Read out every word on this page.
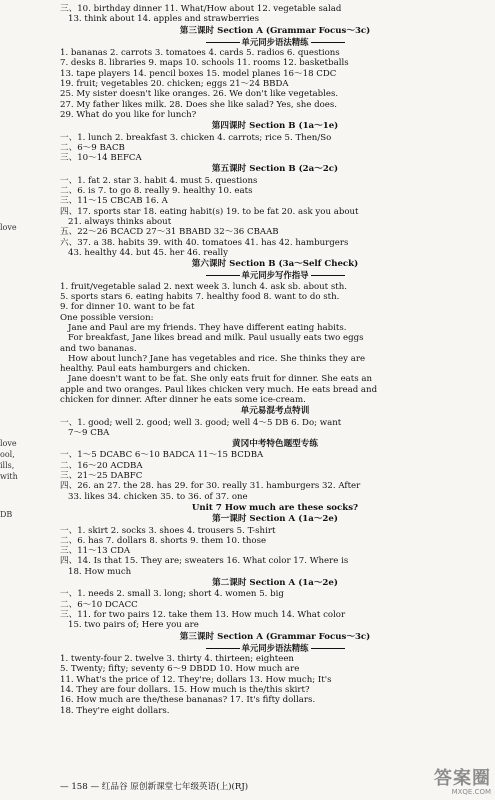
love
love
ool,
ills,
with
DB
三、10. birthday dinner 11. What/How about 12. vegetable salad
13. think about 14. apples and strawberries
第三课时 Section A (Grammar Focus～3c)
单元同步语法精练
1. bananas 2. carrots 3. tomatoes 4. cards 5. radios 6. questions
7. desks 8. libraries 9. maps 10. schools 11. rooms 12. basketballs
13. tape players 14. pencil boxes 15. model planes 16～18 CDC
19. fruit; vegetables 20. chicken; eggs 21～24 BBDA
25. My sister doesn't like oranges. 26. We don't like vegetables.
27. My father likes milk. 28. Does she like salad? Yes, she does.
29. What do you like for lunch?
第四课时 Section B (1a～1e)
一、1. lunch 2. breakfast 3. chicken 4. carrots; rice 5. Then/So
二、6～9 BACB
三、10～14 BEFCA
第五课时 Section B (2a～2c)
一、1. fat 2. star 3. habit 4. must 5. questions
二、6. is 7. to go 8. really 9. healthy 10. eats
三、11～15 CBCAB 16. A
四、17. sports star 18. eating habit(s) 19. to be fat 20. ask you about
21. always thinks about
五、22～26 BCACD 27～31 BBABD 32～36 CBAAB
六、37. a 38. habits 39. with 40. tomatoes 41. has 42. hamburgers
43. healthy 44. but 45. her 46. really
第六课时 Section B (3a～Self Check)
单元同步写作指导
1. fruit/vegetable salad 2. next week 3. lunch 4. ask sb. about sth.
5. sports stars 6. eating habits 7. healthy food 8. want to do sth.
9. for dinner 10. want to be fat
One possible version:
Jane and Paul are my friends. They have different eating habits.
For breakfast, Jane likes bread and milk. Paul usually eats two eggs
and two bananas.
How about lunch? Jane has vegetables and rice. She thinks they are
healthy. Paul eats hamburgers and chicken.
Jane doesn't want to be fat. She only eats fruit for dinner. She eats an
apple and two oranges. Paul likes chicken very much. He eats bread and
chicken for dinner. After dinner he eats some ice-cream.
单元易混考点特训
一、1. good; well 2. good; well 3. good; well 4～5 DB 6. Do; want
7～9 CBA
黄冈中考特色题型专练
一、1～5 DCABC 6～10 BADCA 11～15 BCDBA
二、16～20 ACDBA
三、21～25 DABFC
四、26. an 27. the 28. has 29. for 30. really 31. hamburgers 32. After
33. likes 34. chicken 35. to 36. of 37. one
Unit 7 How much are these socks?
第一课时 Section A (1a～2e)
一、1. skirt 2. socks 3. shoes 4. trousers 5. T-shirt
二、6. has 7. dollars 8. shorts 9. them 10. those
三、11～13 CDA
四、14. Is that 15. They are; sweaters 16. What color 17. Where is
18. How much
第二课时 Section A (1a～2e)
一、1. needs 2. small 3. long; short 4. women 5. big
二、6～10 DCACC
三、11. for two pairs 12. take them 13. How much 14. What color
15. two pairs of; Here you are
第三课时 Section A (Grammar Focus～3c)
单元同步语法精练
1. twenty-four 2. twelve 3. thirty 4. thirteen; eighteen
5. Twenty; fifty; seventy 6～9 DBDD 10. How much are
11. What's the price of 12. They're; dollars 13. How much; It's
14. They are four dollars. 15. How much is the/this skirt?
16. How much are the/these bananas? 17. It's fifty dollars.
18. They're eight dollars.
— 158 — 红品谷 原创新课堂七年级英语(上)(RJ)	答案圈
MXQE.COM
